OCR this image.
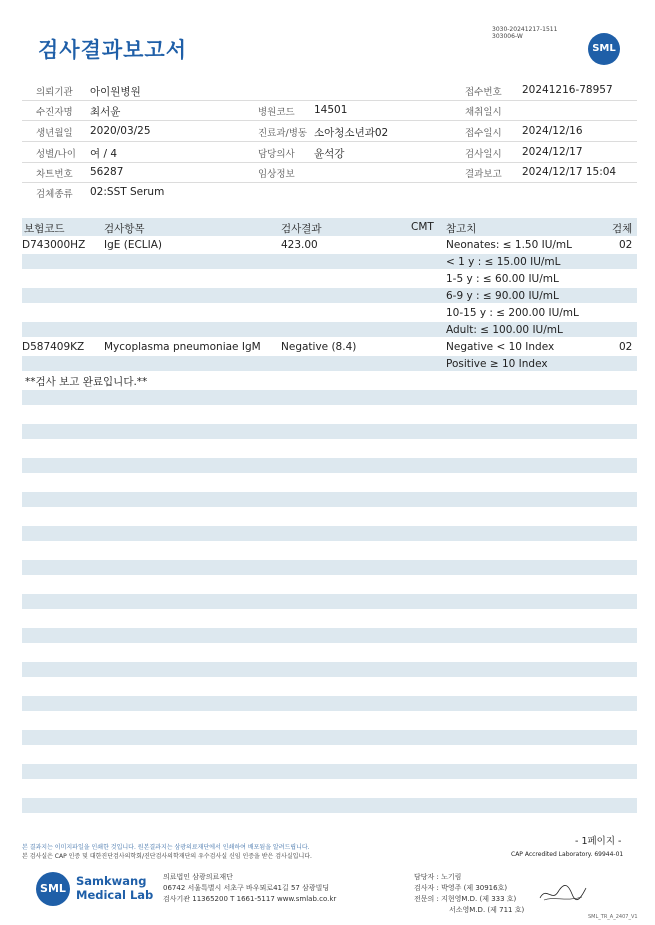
검사결과보고서
3030-20241217-1511
303006-W
SML
의뢰기관 아이원병원	접수번호 20241216-78957
수진자명 최서윤	병원코드 14501	채취일시
생년월일 2020/03/25	진료과/병동 소아청소년과02	접수일시 2024/12/16
성별/나이 여 / 4	담당의사 윤석강	검사일시 2024/12/17
차트번호 56287	임상정보	결과보고 2024/12/17 15:04
검체종류 02:SST Serum
보험코드	검사항목	검사결과	CMT 참고치	검체
D743000HZ IgE (ECLIA)	423.00	Neonates: ≤ 1.50 IU/mL	02
< 1 y : ≤ 15.00 IU/mL
1-5 y : ≤ 60.00 IU/mL
6-9 y : ≤ 90.00 IU/mL
10-15 y : ≤ 200.00 IU/mL
Adult: ≤ 100.00 IU/mL
D587409KZ Mycoplasma pneumoniae IgM Negative (8.4)	Negative < 10 Index	02
Positive ≥ 10 Index
**검사 보고 완료입니다.**
- 1페이지 -
본 결과지는 이미지파일을 인쇄한 것입니다. 원본결과지는 삼광의료재단에서 인쇄하여 배포됨을 알려드립니다.
본 검사실은 CAP 인증 및 대한진단검사의학회/진단검사의학재단의 우수검사실 신임 인증을 받은 검사실입니다.	CAP Accredited Laboratory. 69944-01
SML
Samkwang
Medical Lab
의료법인 삼광의료재단
06742 서울특별시 서초구 바우뫼로41길 57 삼광빌딩
검사기관 11365200 T 1661-5117 www.smlab.co.kr
담당자 : 노기림
검사자 : 박영주 (제 30916호)
전문의 : 지현영M.D. (제 333 호)
서소영M.D. (제 711 호)
SML_TR_A_2407_V1
